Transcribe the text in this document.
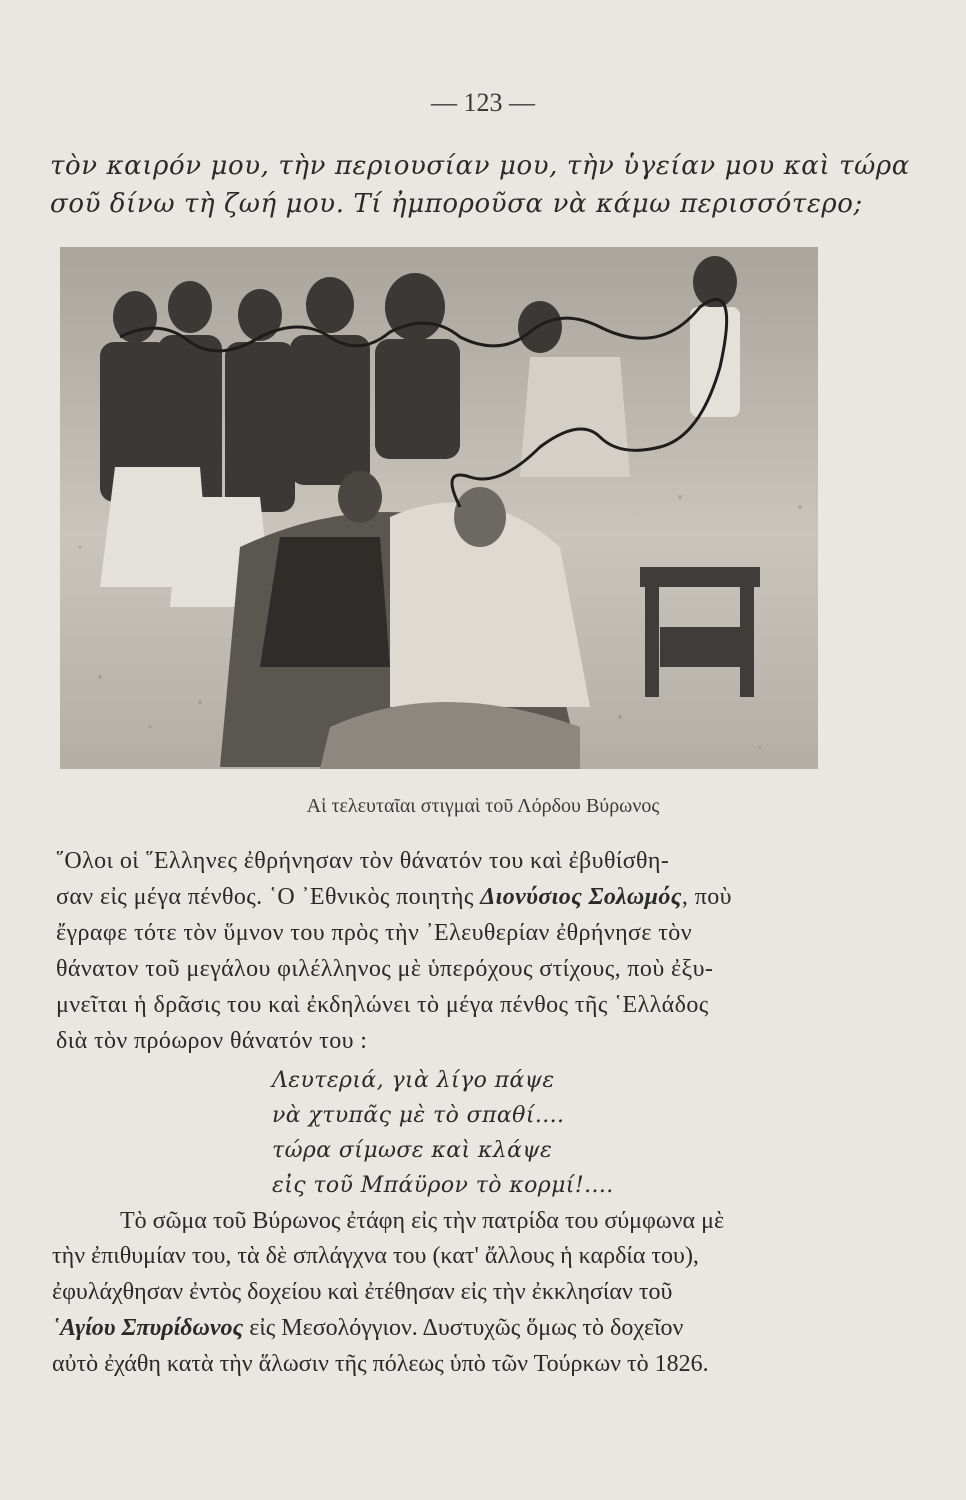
— 123 —
τὸν καιρόν μου, τὴν περιουσίαν μου, τὴν ὑγείαν μου καὶ τώρα
σοῦ δίνω τὴ ζωή μου. Τί ἠμποροῦσα νὰ κάμω περισσότερο;
Αἱ τελευταῖαι στιγμαὶ τοῦ Λόρδου Βύρωνος
῞Ολοι οἱ ῞Ελληνες ἐθρήνησαν τὸν θάνατόν του καὶ ἐβυθίσθη-
σαν εἰς μέγα πένθος. ῾Ο ᾿Εθνικὸς ποιητὴς Διονύσιος Σολωμός, ποὺ
ἔγραφε τότε τὸν ὕμνον του πρὸς τὴν ᾿Ελευθερίαν ἐθρήνησε τὸν
θάνατον τοῦ μεγάλου φιλέλληνος μὲ ὑπερόχους στίχους, ποὺ ἐξυ-
μνεῖται ἡ δρᾶσις του καὶ ἐκδηλώνει τὸ μέγα πένθος τῆς ῾Ελλάδος
διὰ τὸν πρόωρον θάνατόν του :
Λευτεριά, γιὰ λίγο πάψε
νὰ χτυπᾶς μὲ τὸ σπαθί....
τώρα σίμωσε καὶ κλάψε
εἰς τοῦ Μπάϋρον τὸ κορμί!....
Τὸ σῶμα τοῦ Βύρωνος ἐτάφη εἰς τὴν πατρίδα του σύμφωνα μὲ
τὴν ἐπιθυμίαν του, τὰ δὲ σπλάγχνα του (κατ' ἄλλους ἡ καρδία του),
ἐφυλάχθησαν ἐντὸς δοχείου καὶ ἐτέθησαν εἰς τὴν ἐκκλησίαν τοῦ
῾Αγίου Σπυρίδωνος εἰς Μεσολόγγιον. Δυστυχῶς ὅμως τὸ δοχεῖον
αὐτὸ ἐχάθη κατὰ τὴν ἅλωσιν τῆς πόλεως ὑπὸ τῶν Τούρκων τὸ 1826.
